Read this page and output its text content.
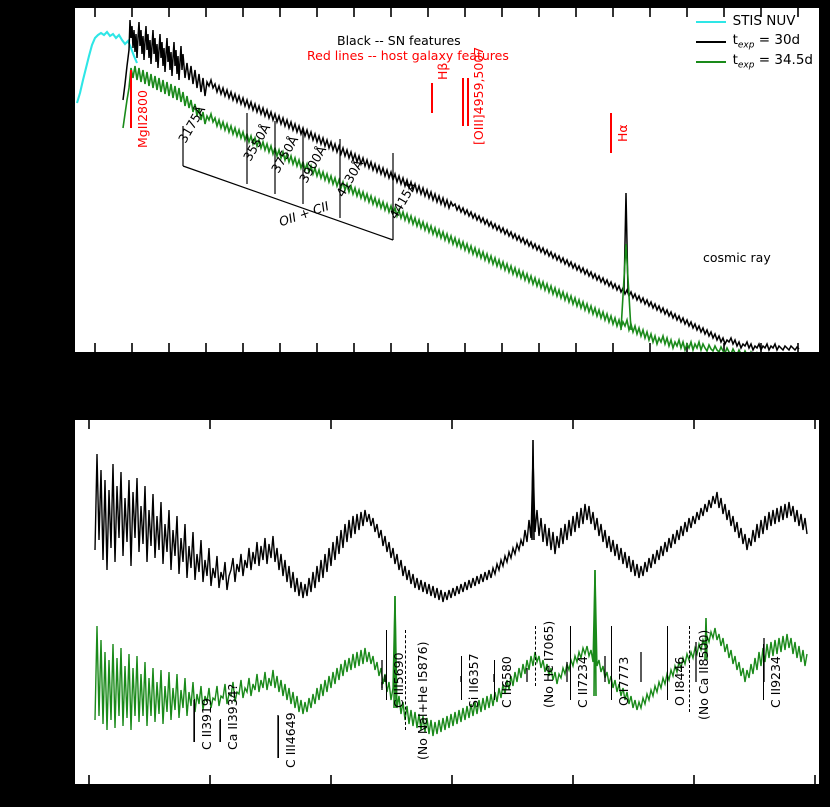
STIS NUV
$t_{exp} = 30d$
$t_{exp} = 34.5d$
Black -- SN features
Red lines -- host galaxy features
MgII2800
Hβ [OIII]4959,5007	Hα
3175Å	3550Å
3750Å
3900Å 4130Å
4415Å
OII + CII
cosmic ray
C II3919 Ca II3934?	C III4649
C III5690 (No NaI+He I5876)	Si II6357 C II6580 (No He I7065) C II7234 O I7773	O I8446 (No Ca II8500)	C II9234
